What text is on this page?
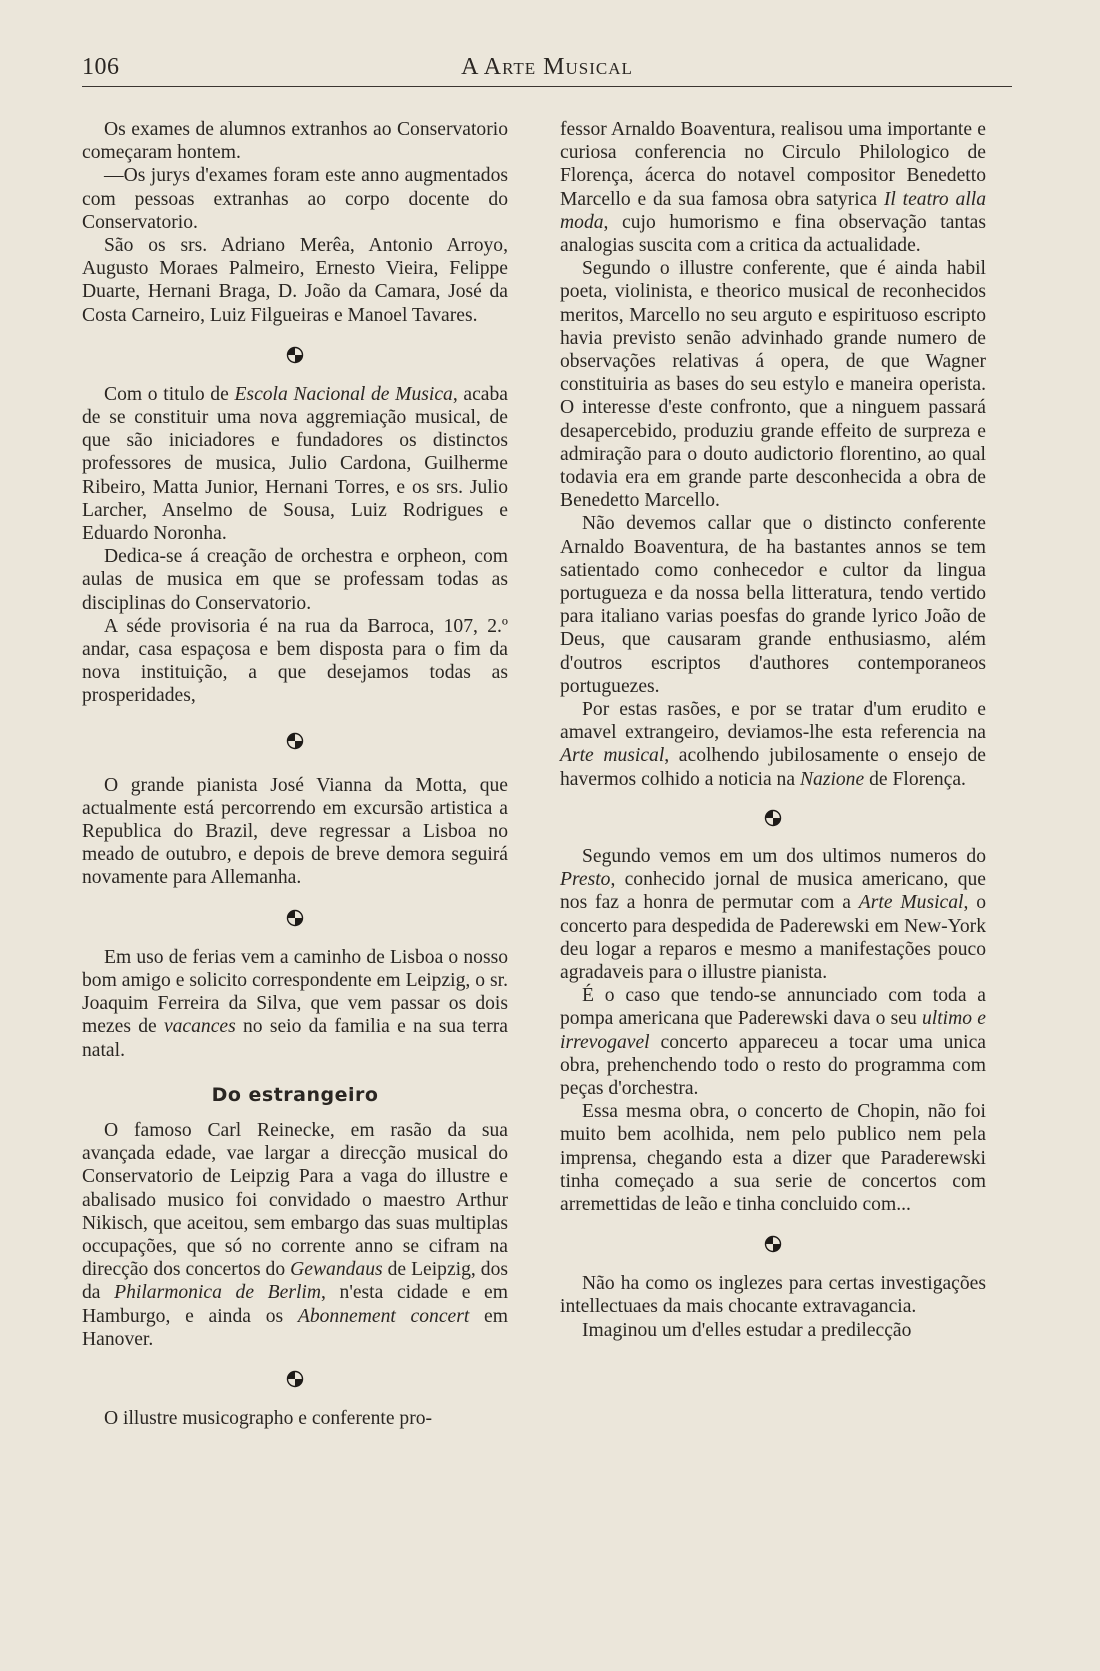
106	A Arte Musical

Os exames de alumnos extranhos ao Conservatorio começaram hontem.

—Os jurys d'exames foram este anno augmentados com pessoas extranhas ao corpo docente do Conservatorio.

São os srs. Adriano Merêa, Antonio Arroyo, Augusto Moraes Palmeiro, Ernesto Vieira, Felippe Duarte, Hernani Braga, D. João da Camara, José da Costa Carneiro, Luiz Filgueiras e Manoel Tavares.

Com o titulo de Escola Nacional de Musica, acaba de se constituir uma nova aggremiação musical, de que são iniciadores e fundadores os distinctos professores de musica, Julio Cardona, Guilherme Ribeiro, Matta Junior, Hernani Torres, e os srs. Julio Larcher, Anselmo de Sousa, Luiz Rodrigues e Eduardo Noronha.

Dedica-se á creação de orchestra e orpheon, com aulas de musica em que se professam todas as disciplinas do Conservatorio.

A séde provisoria é na rua da Barroca, 107, 2.º andar, casa espaçosa e bem disposta para o fim da nova instituição, a que desejamos todas as prosperidades,

O grande pianista José Vianna da Motta, que actualmente está percorrendo em excursão artistica a Republica do Brazil, deve regressar a Lisboa no meado de outubro, e depois de breve demora seguirá novamente para Allemanha.

Em uso de ferias vem a caminho de Lisboa o nosso bom amigo e solicito correspondente em Leipzig, o sr. Joaquim Ferreira da Silva, que vem passar os dois mezes de vacances no seio da familia e na sua terra natal.

Do estrangeiro

O famoso Carl Reinecke, em rasão da sua avançada edade, vae largar a direcção musical do Conservatorio de Leipzig Para a vaga do illustre e abalisado musico foi convidado o maestro Arthur Nikisch, que aceitou, sem embargo das suas multiplas occupações, que só no corrente anno se cifram na direcção dos concertos do Gewandaus de Leipzig, dos da Philarmonica de Berlim, n'esta cidade e em Hamburgo, e ainda os Abonnement concert em Hanover.

O illustre musicographo e conferente pro-

fessor Arnaldo Boaventura, realisou uma importante e curiosa conferencia no Circulo Philologico de Florença, ácerca do notavel compositor Benedetto Marcello e da sua famosa obra satyrica Il teatro alla moda, cujo humorismo e fina observação tantas analogias suscita com a critica da actualidade.

Segundo o illustre conferente, que é ainda habil poeta, violinista, e theorico musical de reconhecidos meritos, Marcello no seu arguto e espirituoso escripto havia previsto senão advinhado grande numero de observações relativas á opera, de que Wagner constituiria as bases do seu estylo e maneira operista. O interesse d'este confronto, que a ninguem passará desapercebido, produziu grande effeito de surpreza e admiração para o douto audictorio florentino, ao qual todavia era em grande parte desconhecida a obra de Benedetto Marcello.

Não devemos callar que o distincto conferente Arnaldo Boaventura, de ha bastantes annos se tem satientado como conhecedor e cultor da lingua portugueza e da nossa bella litteratura, tendo vertido para italiano varias poesfas do grande lyrico João de Deus, que causaram grande enthusiasmo, além d'outros escriptos d'authores contemporaneos portuguezes.

Por estas rasões, e por se tratar d'um erudito e amavel extrangeiro, deviamos-lhe esta referencia na Arte musical, acolhendo jubilosamente o ensejo de havermos colhido a noticia na Nazione de Florença.

Segundo vemos em um dos ultimos numeros do Presto, conhecido jornal de musica americano, que nos faz a honra de permutar com a Arte Musical, o concerto para despedida de Paderewski em New-York deu logar a reparos e mesmo a manifestações pouco agradaveis para o illustre pianista.

É o caso que tendo-se annunciado com toda a pompa americana que Paderewski dava o seu ultimo e irrevogavel concerto appareceu a tocar uma unica obra, prehenchendo todo o resto do programma com peças d'orchestra.

Essa mesma obra, o concerto de Chopin, não foi muito bem acolhida, nem pelo publico nem pela imprensa, chegando esta a dizer que Paraderewski tinha começado a sua serie de concertos com arremettidas de leão e tinha concluido com...

Não ha como os inglezes para certas investigações intellectuaes da mais chocante extravagancia.

Imaginou um d'elles estudar a predilecção
